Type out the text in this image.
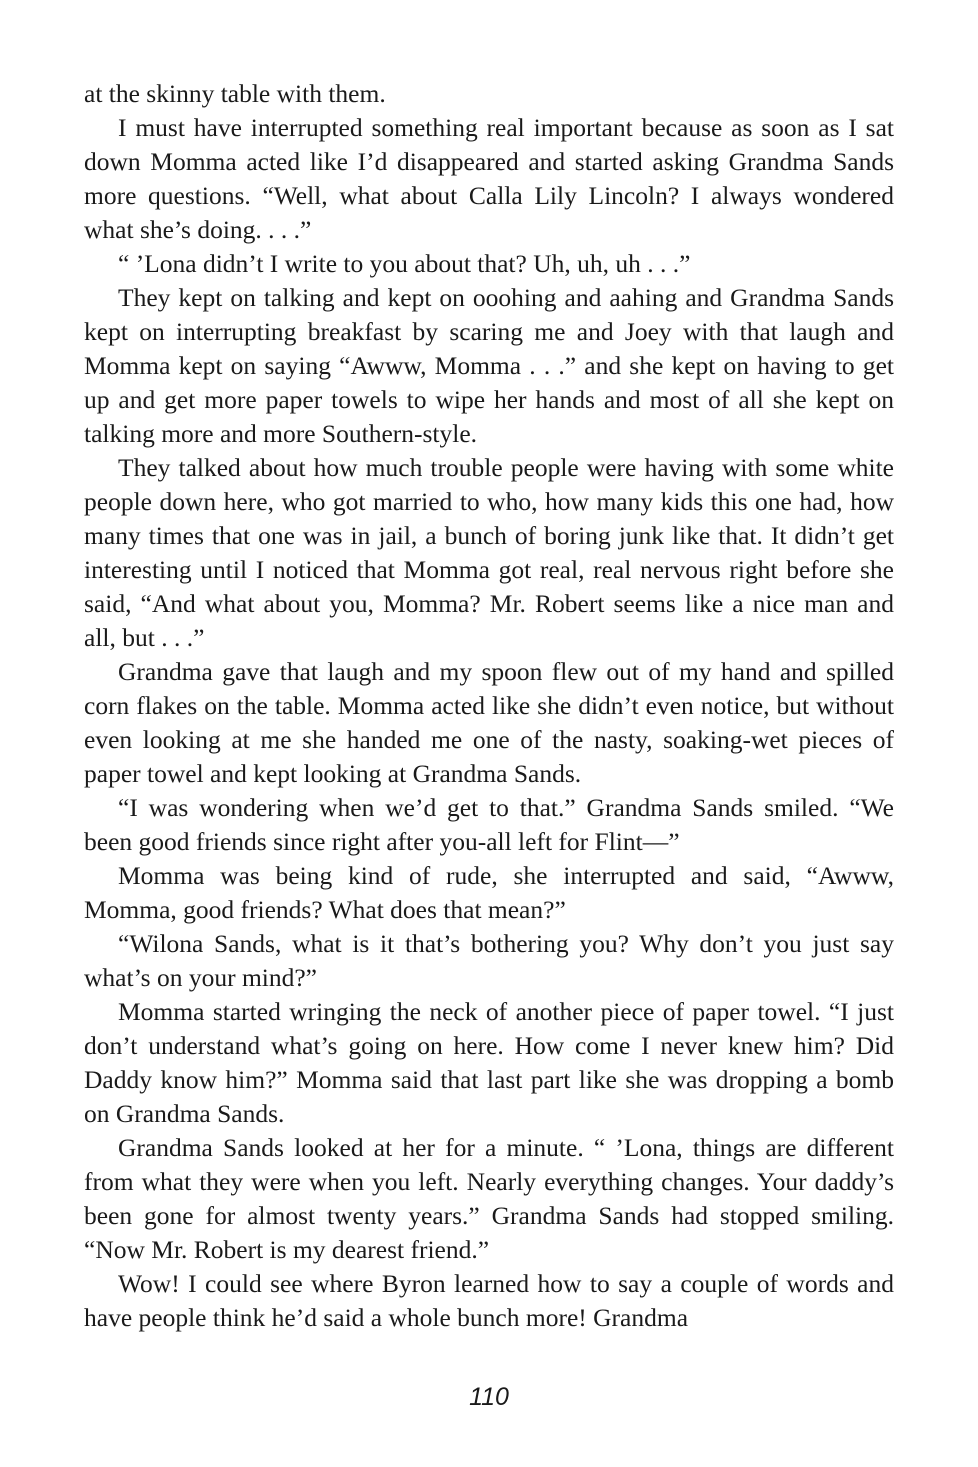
at the skinny table with them.

I must have interrupted something real important because as soon as I sat down Momma acted like I’d disappeared and started asking Grandma Sands more questions. “Well, what about Calla Lily Lincoln? I always wondered what she’s doing. . . .”

“ ’Lona didn’t I write to you about that? Uh, uh, uh . . .”

They kept on talking and kept on ooohing and aahing and Grandma Sands kept on interrupting breakfast by scaring me and Joey with that laugh and Momma kept on saying “Awww, Momma . . .” and she kept on having to get up and get more paper towels to wipe her hands and most of all she kept on talking more and more Southern-style.

They talked about how much trouble people were having with some white people down here, who got married to who, how many kids this one had, how many times that one was in jail, a bunch of boring junk like that. It didn’t get interesting until I noticed that Momma got real, real nervous right before she said, “And what about you, Momma? Mr. Robert seems like a nice man and all, but . . .”

Grandma gave that laugh and my spoon flew out of my hand and spilled corn flakes on the table. Momma acted like she didn’t even notice, but without even looking at me she handed me one of the nasty, soaking-wet pieces of paper towel and kept looking at Grandma Sands.

“I was wondering when we’d get to that.” Grandma Sands smiled. “We been good friends since right after you-all left for Flint—”

Momma was being kind of rude, she interrupted and said, “Awww, Momma, good friends? What does that mean?”

“Wilona Sands, what is it that’s bothering you? Why don’t you just say what’s on your mind?”

Momma started wringing the neck of another piece of paper towel. “I just don’t understand what’s going on here. How come I never knew him? Did Daddy know him?” Momma said that last part like she was dropping a bomb on Grandma Sands.

Grandma Sands looked at her for a minute. “ ’Lona, things are different from what they were when you left. Nearly everything changes. Your daddy’s been gone for almost twenty years.” Grandma Sands had stopped smiling. “Now Mr. Robert is my dearest friend.”

Wow! I could see where Byron learned how to say a couple of words and have people think he’d said a whole bunch more! Grandma

110
